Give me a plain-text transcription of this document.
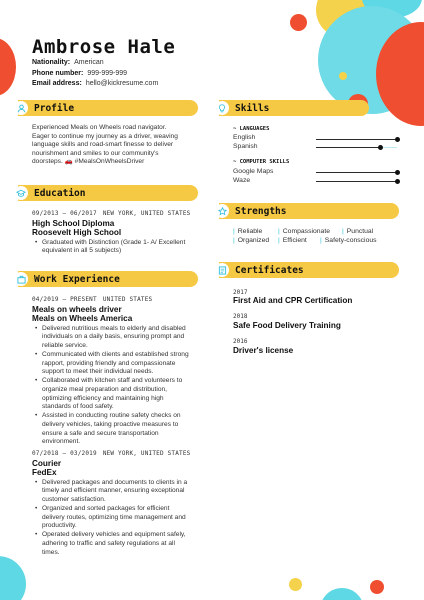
Ambrose Hale
Nationality: American
Phone number: 999-999-999
Email address: hello@kickresume.com
Profile
Experienced Meals on Wheels road navigator. Eager to continue my journey as a driver, weaving language skills and road-smart finesse to deliver nourishment and smiles to our community's doorsteps. 🚗 #MealsOnWheelsDriver
Education
09/2013 – 06/2017 NEW YORK, UNITED STATES
High School Diploma
Roosevelt High School
• Graduated with Distinction (Grade 1- A/ Excellent equivalent in all 5 subjects)
Work Experience
04/2019 – PRESENT UNITED STATES
Meals on wheels driver
Meals on Wheels America
• Delivered nutritious meals to elderly and disabled individuals on a daily basis, ensuring prompt and reliable service.
• Communicated with clients and established strong rapport, providing friendly and compassionate support to meet their individual needs.
• Collaborated with kitchen staff and volunteers to organize meal preparation and distribution, optimizing efficiency and maintaining high standards of food safety.
• Assisted in conducting routine safety checks on delivery vehicles, taking proactive measures to ensure a safe and secure transportation environment.
07/2018 – 03/2019 NEW YORK, UNITED STATES
Courier
FedEx
• Delivered packages and documents to clients in a timely and efficient manner, ensuring exceptional customer satisfaction.
• Organized and sorted packages for efficient delivery routes, optimizing time management and productivity.
• Operated delivery vehicles and equipment safely, adhering to traffic and safety regulations at all times.
Skills
~ LANGUAGES
English
Spanish
~ COMPUTER SKILLS
Google Maps
Waze
Strengths
| Reliable | Compassionate | Punctual
| Organized | Efficient | Safety-conscious
Certificates
2017
First Aid and CPR Certification
2018
Safe Food Delivery Training
2016
Driver's license
